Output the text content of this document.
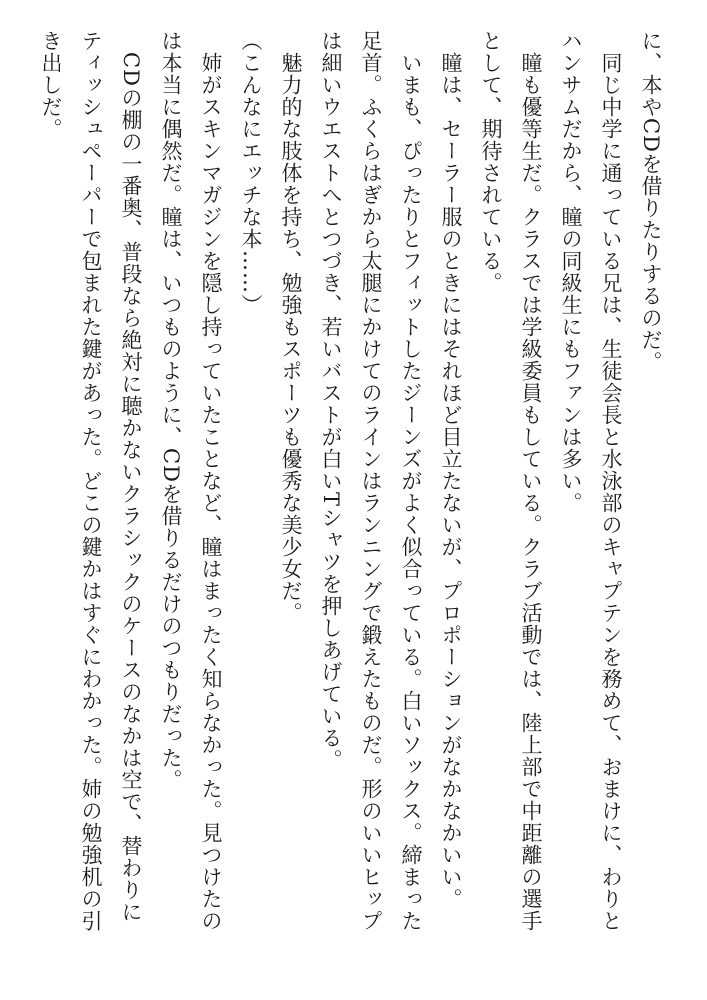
に、本やCDを借りたりするのだ。

　同じ中学に通っている兄は、生徒会長と水泳部のキャプテンを務めて、おまけに、わりと

ハンサムだから、瞳の同級生にもファンは多い。

　瞳も優等生だ。クラスでは学級委員もしている。クラブ活動では、陸上部で中距離の選手

として、期待されている。

　瞳は、セーラー服のときにはそれほど目立たないが、プロポーションがなかなかいい。

　いまも、ぴったりとフィットしたジーンズがよく似合っている。白いソックス。締まった

足首。ふくらはぎから太腿にかけてのラインはランニングで鍛えたものだ。形のいいヒップ

は細いウエストへとつづき、若いバストが白いTシャツを押しあげている。

　魅力的な肢体を持ち、勉強もスポーツも優秀な美少女だ。

（こんなにエッチな本……）

　姉がスキンマガジンを隠し持っていたことなど、瞳はまったく知らなかった。見つけたの

は本当に偶然だ。瞳は、いつものように、CDを借りるだけのつもりだった。

　CDの棚の一番奥、普段なら絶対に聴かないクラシックのケースのなかは空で、替わりに

ティッシュペーパーで包まれた鍵があった。どこの鍵かはすぐにわかった。姉の勉強机の引

き出しだ。
